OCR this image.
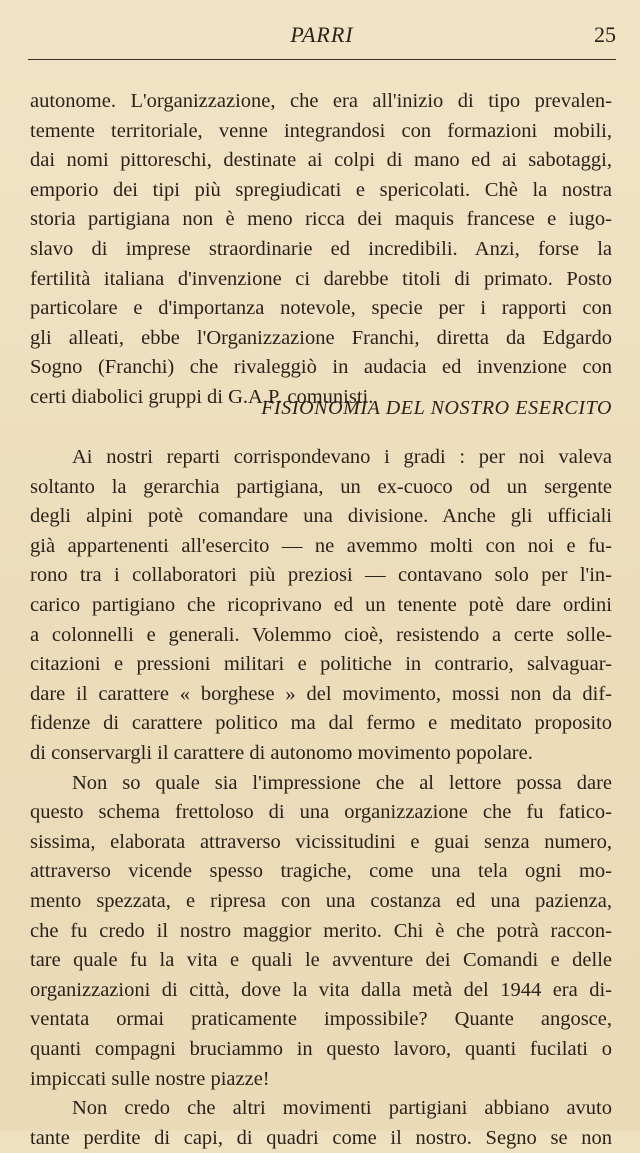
PARRI	25
autonome. L'organizzazione, che era all'inizio di tipo prevalen-
temente territoriale, venne integrandosi con formazioni mobili,
dai nomi pittoreschi, destinate ai colpi di mano ed ai sabotaggi,
emporio dei tipi più spregiudicati e spericolati. Chè la nostra
storia partigiana non è meno ricca dei maquis francese e iugo-
slavo di imprese straordinarie ed incredibili. Anzi, forse la
fertilità italiana d'invenzione ci darebbe titoli di primato. Posto
particolare e d'importanza notevole, specie per i rapporti con
gli alleati, ebbe l'Organizzazione Franchi, diretta da Edgardo
Sogno (Franchi) che rivaleggiò in audacia ed invenzione con
certi diabolici gruppi di G.A.P. comunisti.
FISIONOMIA DEL NOSTRO ESERCITO
Ai nostri reparti corrispondevano i gradi : per noi valeva
soltanto la gerarchia partigiana, un ex-cuoco od un sergente
degli alpini potè comandare una divisione. Anche gli ufficiali
già appartenenti all'esercito — ne avemmo molti con noi e fu-
rono tra i collaboratori più preziosi — contavano solo per l'in-
carico partigiano che ricoprivano ed un tenente potè dare ordini
a colonnelli e generali. Volemmo cioè, resistendo a certe solle-
citazioni e pressioni militari e politiche in contrario, salvaguar-
dare il carattere « borghese » del movimento, mossi non da dif-
fidenze di carattere politico ma dal fermo e meditato proposito
di conservargli il carattere di autonomo movimento popolare.
Non so quale sia l'impressione che al lettore possa dare
questo schema frettoloso di una organizzazione che fu fatico-
sissima, elaborata attraverso vicissitudini e guai senza numero,
attraverso vicende spesso tragiche, come una tela ogni mo-
mento spezzata, e ripresa con una costanza ed una pazienza,
che fu credo il nostro maggior merito. Chi è che potrà raccon-
tare quale fu la vita e quali le avventure dei Comandi e delle
organizzazioni di città, dove la vita dalla metà del 1944 era di-
ventata ormai praticamente impossibile? Quante angosce,
quanti compagni bruciammo in questo lavoro, quanti fucilati o
impiccati sulle nostre piazze!
Non credo che altri movimenti partigiani abbiano avuto
tante perdite di capi, di quadri come il nostro. Segno se non
